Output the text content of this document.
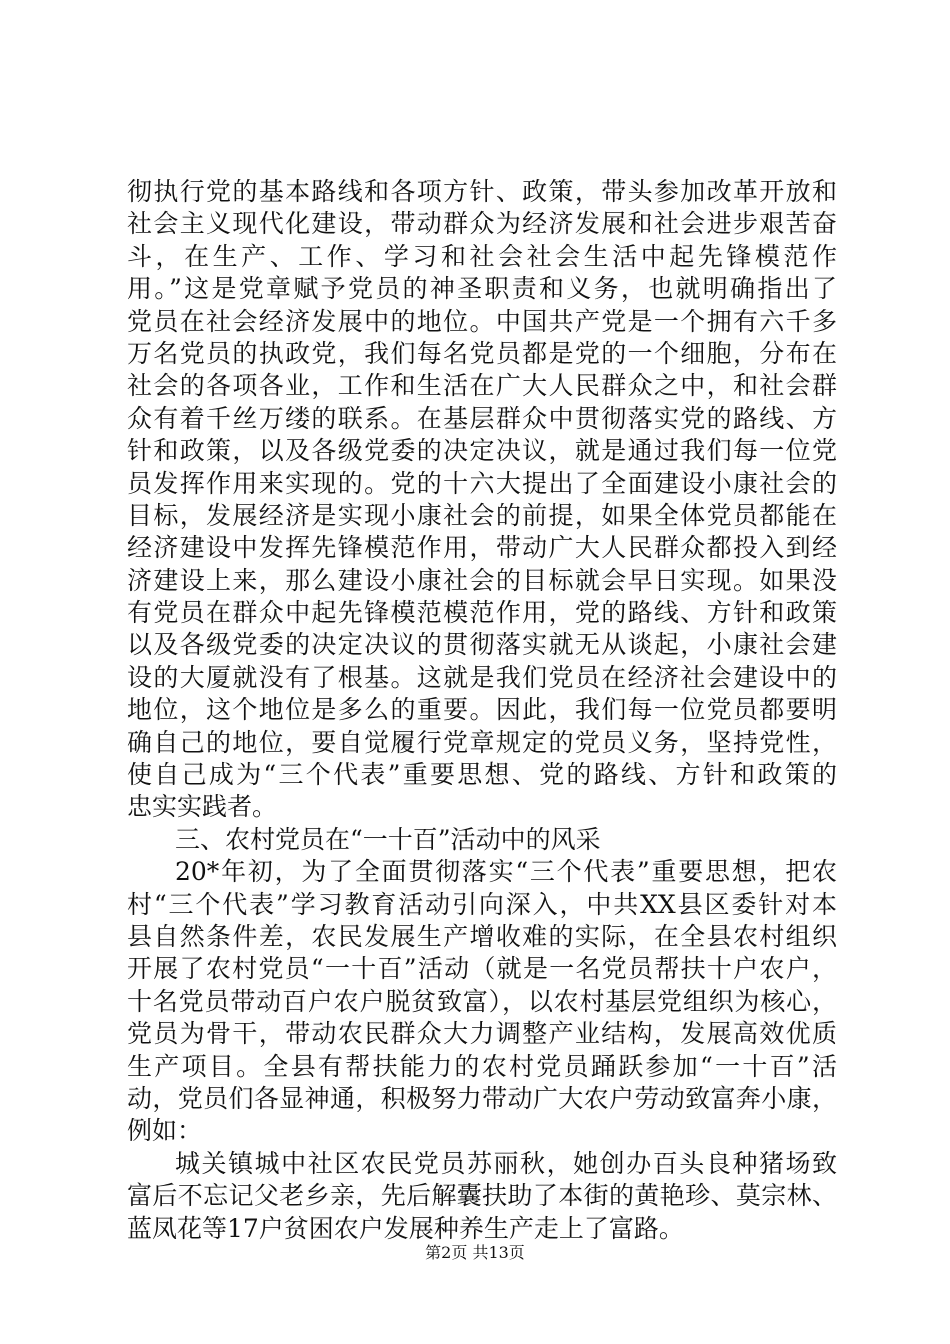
彻执行党的基本路线和各项方针、政策，带头参加改革开放和
社会主义现代化建设，带动群众为经济发展和社会进步艰苦奋
斗，在生产、工作、学习和社会社会生活中起先锋模范作
用。”这是党章赋予党员的神圣职责和义务，也就明确指出了
党员在社会经济发展中的地位。中国共产党是一个拥有六千多
万名党员的执政党，我们每名党员都是党的一个细胞，分布在
社会的各项各业，工作和生活在广大人民群众之中，和社会群
众有着千丝万缕的联系。在基层群众中贯彻落实党的路线、方
针和政策，以及各级党委的决定决议，就是通过我们每一位党
员发挥作用来实现的。党的十六大提出了全面建设小康社会的
目标，发展经济是实现小康社会的前提，如果全体党员都能在
经济建设中发挥先锋模范作用，带动广大人民群众都投入到经
济建设上来，那么建设小康社会的目标就会早日实现。如果没
有党员在群众中起先锋模范模范作用，党的路线、方针和政策
以及各级党委的决定决议的贯彻落实就无从谈起，小康社会建
设的大厦就没有了根基。这就是我们党员在经济社会建设中的
地位，这个地位是多么的重要。因此，我们每一位党员都要明
确自己的地位，要自觉履行党章规定的党员义务，坚持党性，
使自己成为“三个代表”重要思想、党的路线、方针和政策的
忠实实践者。
三、农村党员在“一十百”活动中的风采
20*年初，为了全面贯彻落实“三个代表”重要思想，把农
村“三个代表”学习教育活动引向深入，中共XX县区委针对本
县自然条件差，农民发展生产增收难的实际，在全县农村组织
开展了农村党员“一十百”活动（就是一名党员帮扶十户农户，
十名党员带动百户农户脱贫致富），以农村基层党组织为核心，
党员为骨干，带动农民群众大力调整产业结构，发展高效优质
生产项目。全县有帮扶能力的农村党员踊跃参加“一十百”活
动，党员们各显神通，积极努力带动广大农户劳动致富奔小康，
例如：
城关镇城中社区农民党员苏丽秋，她创办百头良种猪场致
富后不忘记父老乡亲，先后解囊扶助了本街的黄艳珍、莫宗林、
蓝凤花等17户贫困农户发展种养生产走上了富路。
第2页 共13页
